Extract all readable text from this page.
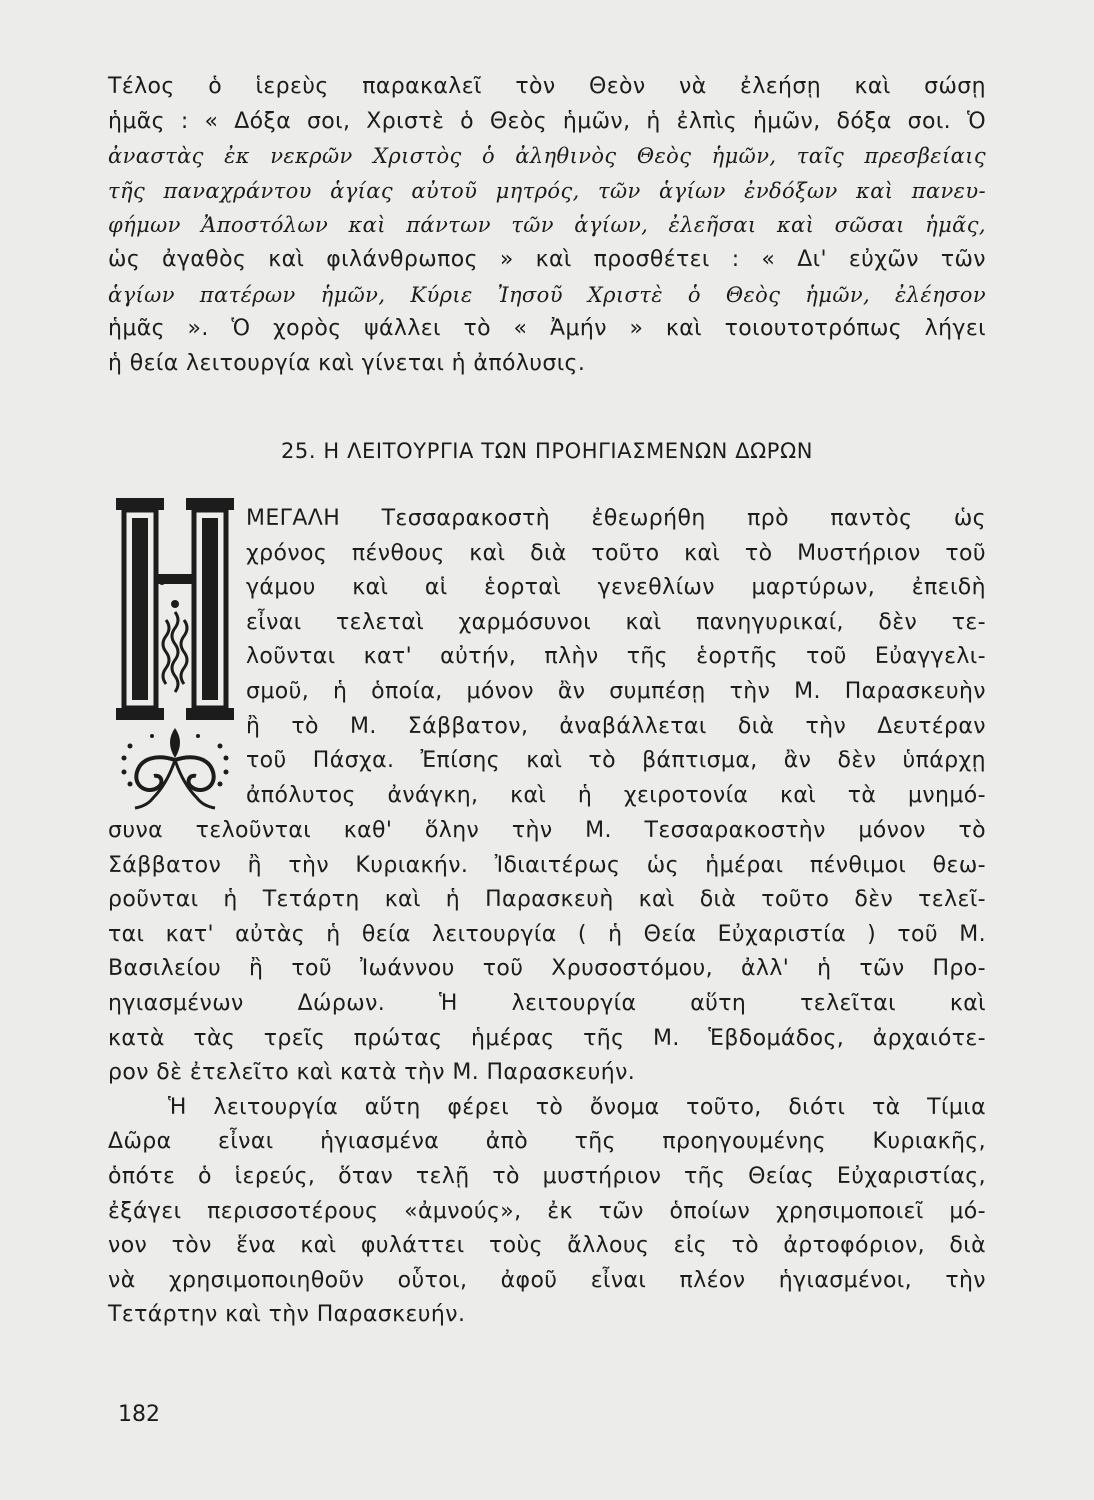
Τέλος ὁ ἱερεὺς παρακαλεῖ τὸν Θεὸν νὰ ἐλεήσῃ καὶ σώσῃ
ἡμᾶς : « Δόξα σοι, Χριστὲ ὁ Θεὸς ἡμῶν, ἡ ἐλπὶς ἡμῶν, δόξα σοι. Ὁ
ἀναστὰς ἐκ νεκρῶν Χριστὸς ὁ ἀληθινὸς Θεὸς ἡμῶν, ταῖς πρεσβείαις
τῆς παναχράντου ἁγίας αὐτοῦ μητρός, τῶν ἁγίων ἐνδόξων καὶ πανευ-
φήμων Ἀποστόλων καὶ πάντων τῶν ἁγίων, ἐλεῆσαι καὶ σῶσαι ἡμᾶς,
ὡς ἀγαθὸς καὶ φιλάνθρωπος » καὶ προσθέτει : « Δι' εὐχῶν τῶν
ἁγίων πατέρων ἡμῶν, Κύριε Ἰησοῦ Χριστὲ ὁ Θεὸς ἡμῶν, ἐλέησον
ἡμᾶς ». Ὁ χορὸς ψάλλει τὸ « Ἀμήν » καὶ τοιουτοτρόπως λήγει
ἡ θεία λειτουργία καὶ γίνεται ἡ ἀπόλυσις.
25. Η ΛΕΙΤΟΥΡΓΙΑ ΤΩΝ ΠΡΟΗΓΙΑΣΜΕΝΩΝ ΔΩΡΩΝ
ΜΕΓΑΛΗ Τεσσαρακοστὴ ἐθεωρήθη πρὸ παντὸς ὡς
χρόνος πένθους καὶ διὰ τοῦτο καὶ τὸ Μυστήριον τοῦ
γάμου καὶ αἱ ἑορταὶ γενεθλίων μαρτύρων, ἐπειδὴ
εἶναι τελεταὶ χαρμόσυνοι καὶ πανηγυρικαί, δὲν τε-
λοῦνται κατ' αὐτήν, πλὴν τῆς ἑορτῆς τοῦ Εὐαγγελι-
σμοῦ, ἡ ὁποία, μόνον ἂν συμπέσῃ τὴν Μ. Παρασκευὴν
ἢ τὸ Μ. Σάββατον, ἀναβάλλεται διὰ τὴν Δευτέραν
τοῦ Πάσχα. Ἐπίσης καὶ τὸ βάπτισμα, ἂν δὲν ὑπάρχῃ
ἀπόλυτος ἀνάγκη, καὶ ἡ χειροτονία καὶ τὰ μνημό-
συνα τελοῦνται καθ' ὅλην τὴν Μ. Τεσσαρακοστὴν μόνον τὸ
Σάββατον ἢ τὴν Κυριακήν. Ἰδιαιτέρως ὡς ἡμέραι πένθιμοι θεω-
ροῦνται ἡ Τετάρτη καὶ ἡ Παρασκευὴ καὶ διὰ τοῦτο δὲν τελεῖ-
ται κατ' αὐτὰς ἡ θεία λειτουργία ( ἡ Θεία Εὐχαριστία ) τοῦ Μ.
Βασιλείου ἢ τοῦ Ἰωάννου τοῦ Χρυσοστόμου, ἀλλ' ἡ τῶν Προ-
ηγιασμένων Δώρων. Ἡ λειτουργία αὕτη τελεῖται καὶ
κατὰ τὰς τρεῖς πρώτας ἡμέρας τῆς Μ. Ἑβδομάδος, ἀρχαιότε-
ρον δὲ ἐτελεῖτο καὶ κατὰ τὴν Μ. Παρασκευήν.
Ἡ λειτουργία αὕτη φέρει τὸ ὄνομα τοῦτο, διότι τὰ Τίμια
Δῶρα εἶναι ἡγιασμένα ἀπὸ τῆς προηγουμένης Κυριακῆς,
ὁπότε ὁ ἱερεύς, ὅταν τελῇ τὸ μυστήριον τῆς Θείας Εὐχαριστίας,
ἐξάγει περισσοτέρους «ἀμνούς», ἐκ τῶν ὁποίων χρησιμοποιεῖ μό-
νον τὸν ἕνα καὶ φυλάττει τοὺς ἄλλους εἰς τὸ ἀρτοφόριον, διὰ
νὰ χρησιμοποιηθοῦν οὗτοι, ἀφοῦ εἶναι πλέον ἡγιασμένοι, τὴν
Τετάρτην καὶ τὴν Παρασκευήν.
182
